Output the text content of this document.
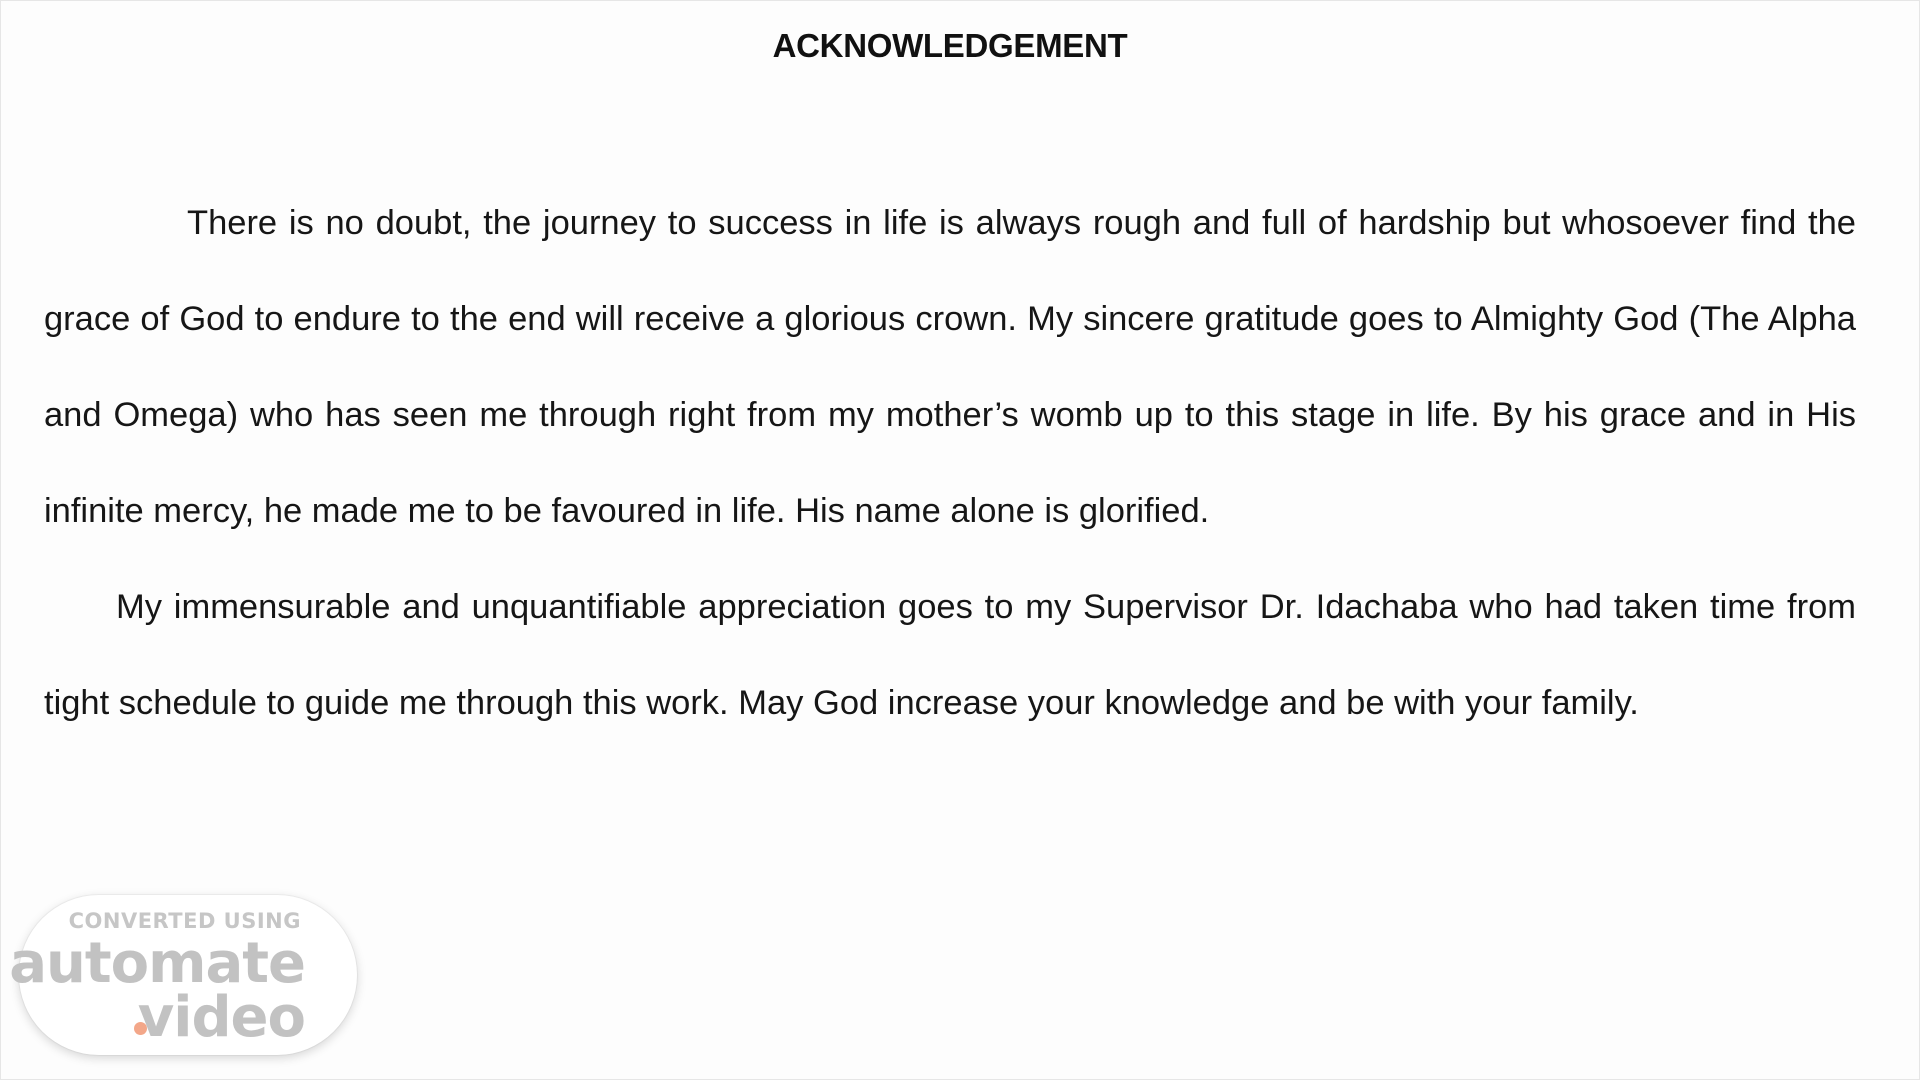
ACKNOWLEDGEMENT

There is no doubt, the journey to success in life is always rough and full of hardship but whosoever find the grace of God to endure to the end will receive a glorious crown. My sincere gratitude goes to Almighty God (The Alpha and Omega) who has seen me through right from my mother’s womb up to this stage in life. By his grace and in His infinite mercy, he made me to be favoured in life. His name alone is glorified.

My immensurable and unquantifiable appreciation goes to my Supervisor Dr. Idachaba who had taken time from tight schedule to guide me through this work. May God increase your knowledge and be with your family.

CONVERTED USING
automate
video
